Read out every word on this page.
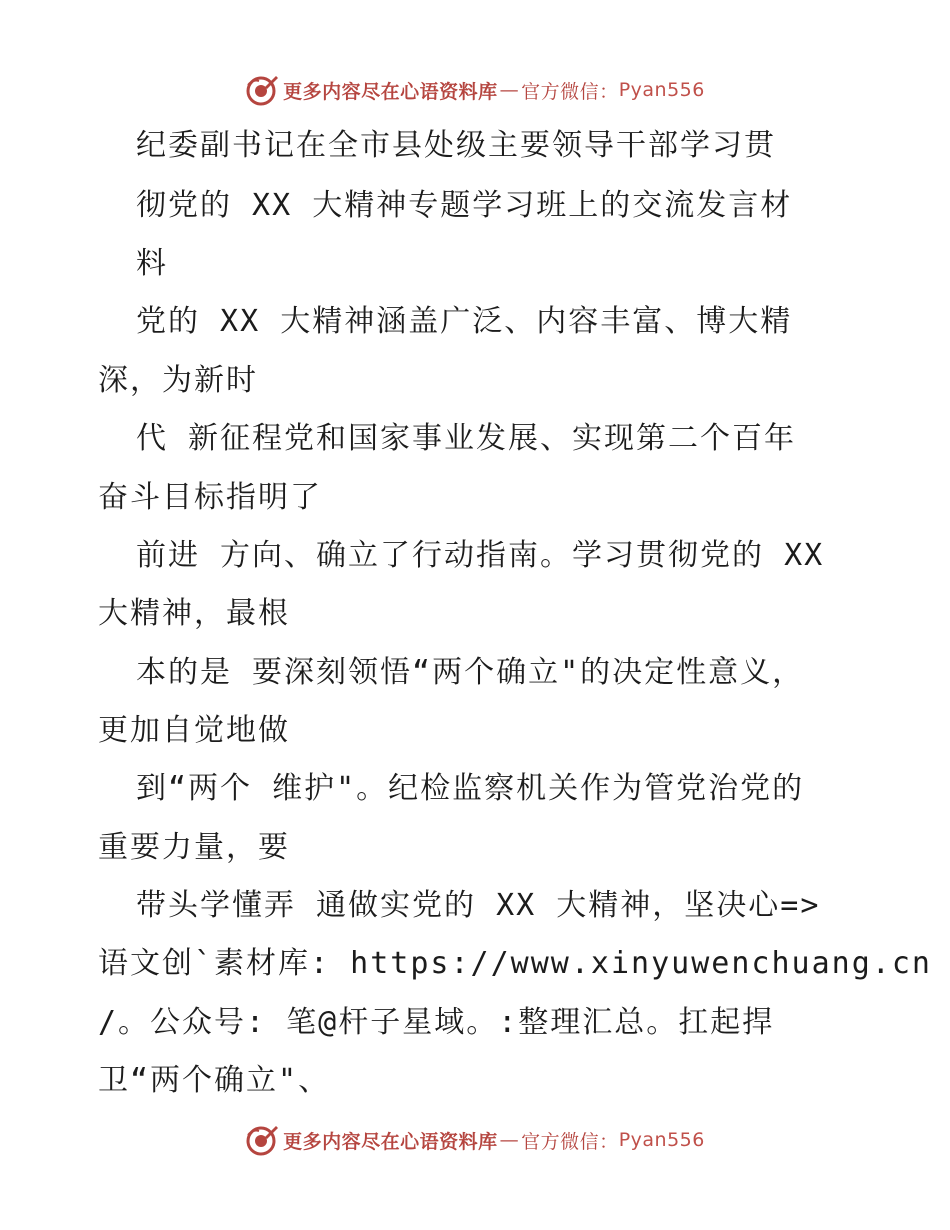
更多内容尽在心语资料库 — 官方微信： Pyan556
纪委副书记在全市县处级主要领导干部学习贯
彻党的 XX 大精神专题学习班上的交流发言材
料
党的 XX 大精神涵盖广泛、内容丰富、博大精
深，为新时
代 新征程党和国家事业发展、实现第二个百年
奋斗目标指明了
前进 方向、确立了行动指南。学习贯彻党的 XX
大精神，最根
本的是 要深刻领悟“两个确立"的决定性意义，
更加自觉地做
到“两个 维护"。纪检监察机关作为管党治党的
重要力量，要
带头学懂弄 通做实党的 XX 大精神，坚决心=>
语文创`素材库: https://www.xinyuwenchuang.cn
/。公众号: 笔@杆子星域。:整理汇总。扛起捍
卫“两个确立"、
更多内容尽在心语资料库 — 官方微信： Pyan556
